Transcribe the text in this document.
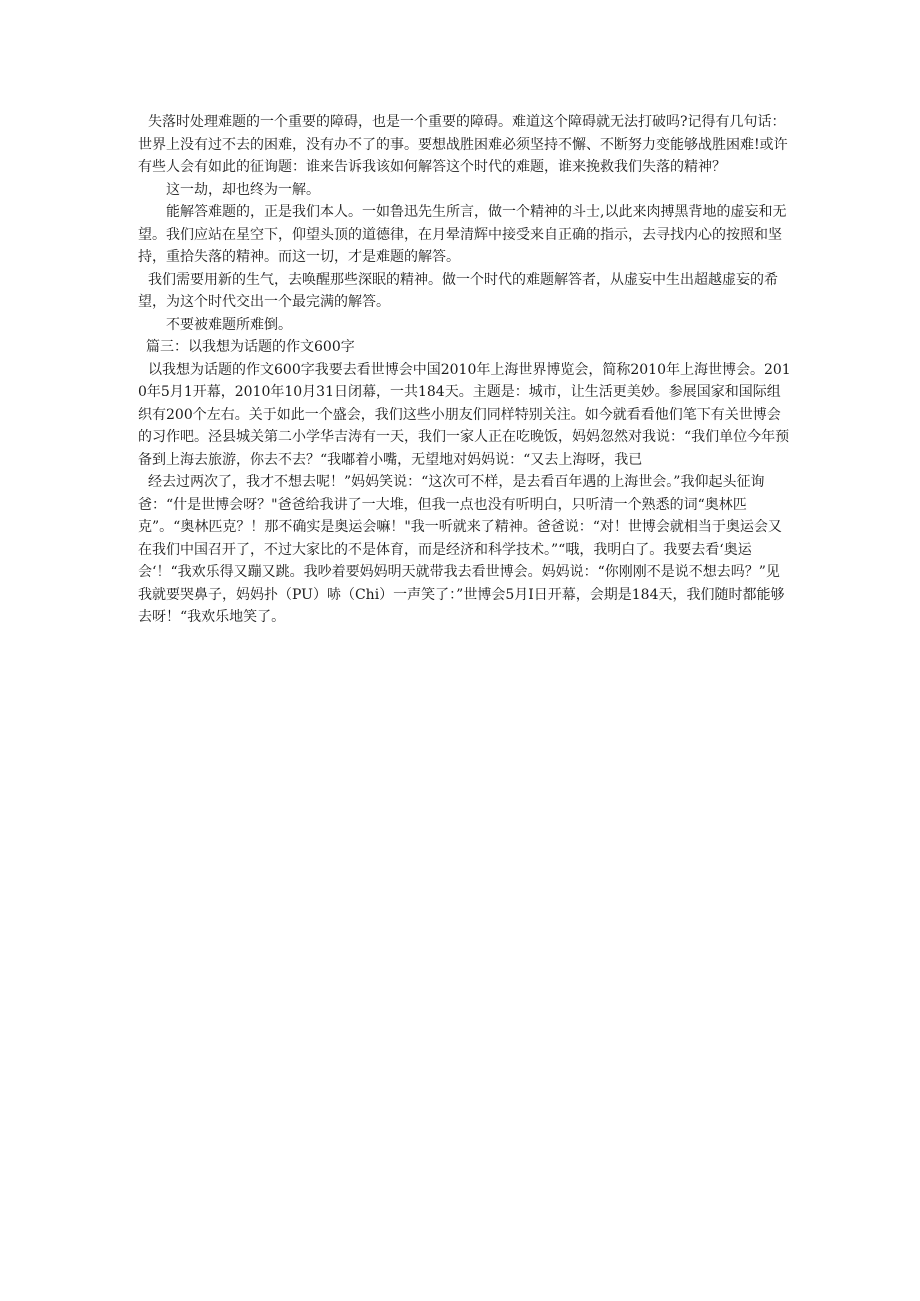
失落时处理难题的一个重要的障碍，也是一个重要的障碍。难道这个障碍就无法打破吗?记得有几句话：世界上没有过不去的困难，没有办不了的事。要想战胜困难必须坚持不懈、不断努力变能够战胜困难!或许有些人会有如此的征询题：谁来告诉我该如何解答这个时代的难题，谁来挽救我们失落的精神？

这一劫，却也终为一解。

能解答难题的，正是我们本人。一如鲁迅先生所言，做一个精神的斗士,以此来肉搏黑背地的虚妄和无望。我们应站在星空下，仰望头顶的道德律，在月晕清辉中接受来自正确的指示，去寻找内心的按照和坚持，重拾失落的精神。而这一切，才是难题的解答。

我们需要用新的生气，去唤醒那些深眠的精神。做一个时代的难题解答者，从虚妄中生出超越虚妄的希望，为这个时代交出一个最完满的解答。

不要被难题所难倒。

篇三：以我想为话题的作文600字

以我想为话题的作文600字我要去看世博会中国2010年上海世界博览会，简称2010年上海世博会。2010年5月1开幕，2010年10月31日闭幕，一共184天。主题是：城市，让生活更美妙。参展国家和国际组织有200个左右。关于如此一个盛会，我们这些小朋友们同样特别关注。如今就看看他们笔下有关世博会的习作吧。泾县城关第二小学华吉涛有一天，我们一家人正在吃晚饭，妈妈忽然对我说：“我们单位今年预备到上海去旅游，你去不去？“我嘟着小嘴，无望地对妈妈说：“又去上海呀，我已

经去过两次了，我才不想去呢！”妈妈笑说：“这次可不样，是去看百年遇的上海世会。”我仰起头征询爸：“什是世博会呀？"爸爸给我讲了一大堆，但我一点也没有听明白，只听清一个熟悉的词“奥林匹克”。“奥林匹克？！那不确实是奥运会嘛！"我一听就来了精神。爸爸说：“对！世博会就相当于奥运会又在我们中国召开了，不过大家比的不是体育，而是经济和科学技术。”“哦，我明白了。我要去看‘奥运会‘！“我欢乐得又蹦又跳。我吵着要妈妈明天就带我去看世博会。妈妈说：“你刚刚不是说不想去吗？”见我就要哭鼻子，妈妈扑（PU）哧（Chi）一声笑了：”世博会5月I日开幕，会期是184天，我们随时都能够去呀！“我欢乐地笑了。
